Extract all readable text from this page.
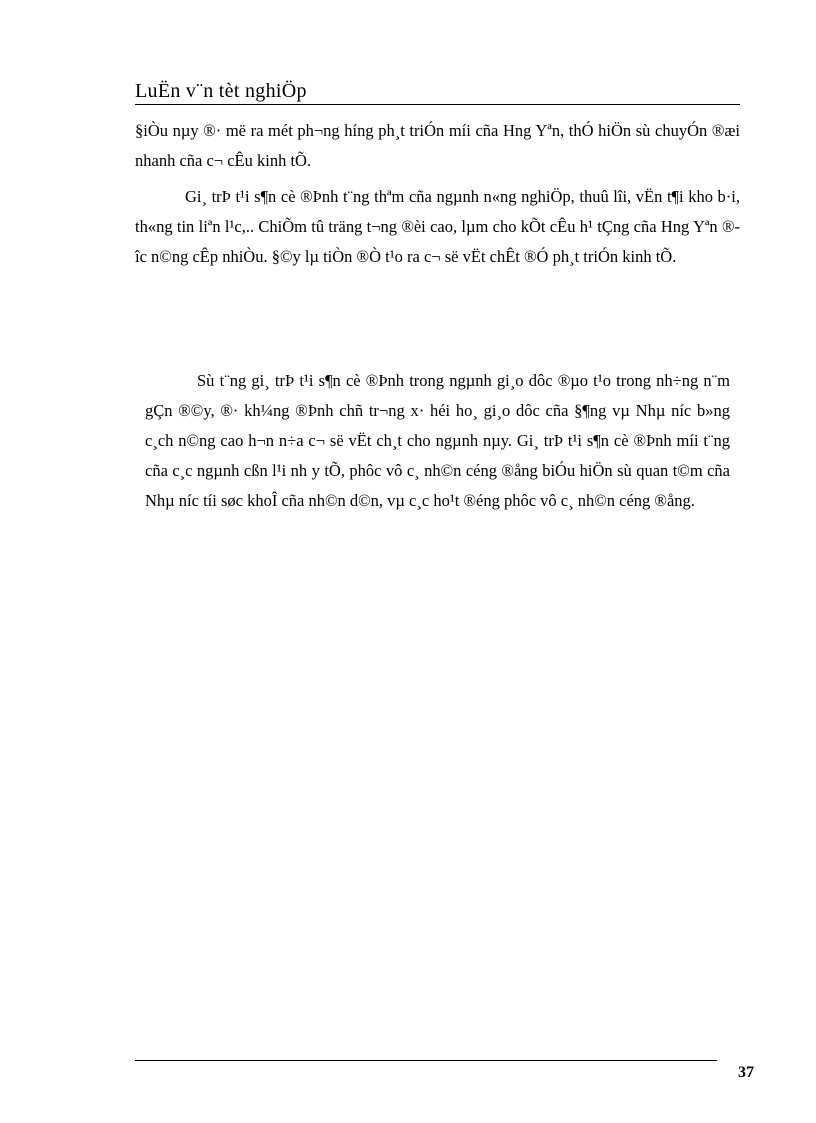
LuËn v¨n tèt nghiÖp

§iÒu nµy ®· më ra mét ph¬ng híng ph¸t triÓn míi cña Hng Yªn, thÓ hiÖn sù chuyÓn ®æi nhanh cña c¬ cÊu kinh tÕ.

Gi¸ trÞ t¹i s¶n cè ®Þnh t¨ng thªm cña ngµnh n«ng nghiÖp, thuû lîi, vËn t¶i kho b·i, th«ng tin liªn l¹c,.. ChiÕm tû träng t¬ng ®èi cao, lµm cho kÕt cÊu h¹ tÇng cña Hng Yªn ®îc n©ng cÊp nhiÒu. §©y lµ tiÒn ®Ò t¹o ra c¬ së vËt chÊt ®Ó ph¸t triÓn kinh tÕ.

Sù t¨ng gi¸ trÞ t¹i s¶n cè ®Þnh trong ngµnh gi¸o dôc ®µo t¹o trong nh÷ng n¨m gÇn ®©y, ®· kh¼ng ®Þnh chñ tr¬ng x· héi ho¸ gi¸o dôc cña §¶ng vµ Nhµ níc b»ng c¸ch n©ng cao h¬n n÷a c¬ së vËt ch¸t cho ngµnh nµy. Gi¸ trÞ t¹i s¶n cè ®Þnh míi t¨ng cña c¸c ngµnh cßn l¹i nh y tÕ, phôc vô c¸ nh©n céng ®ång biÓu hiÖn sù quan t©m cña Nhµ níc tíi søc khoÎ cña nh©n d©n, vµ c¸c ho¹t ®éng phôc vô c¸ nh©n céng ®ång.

37
